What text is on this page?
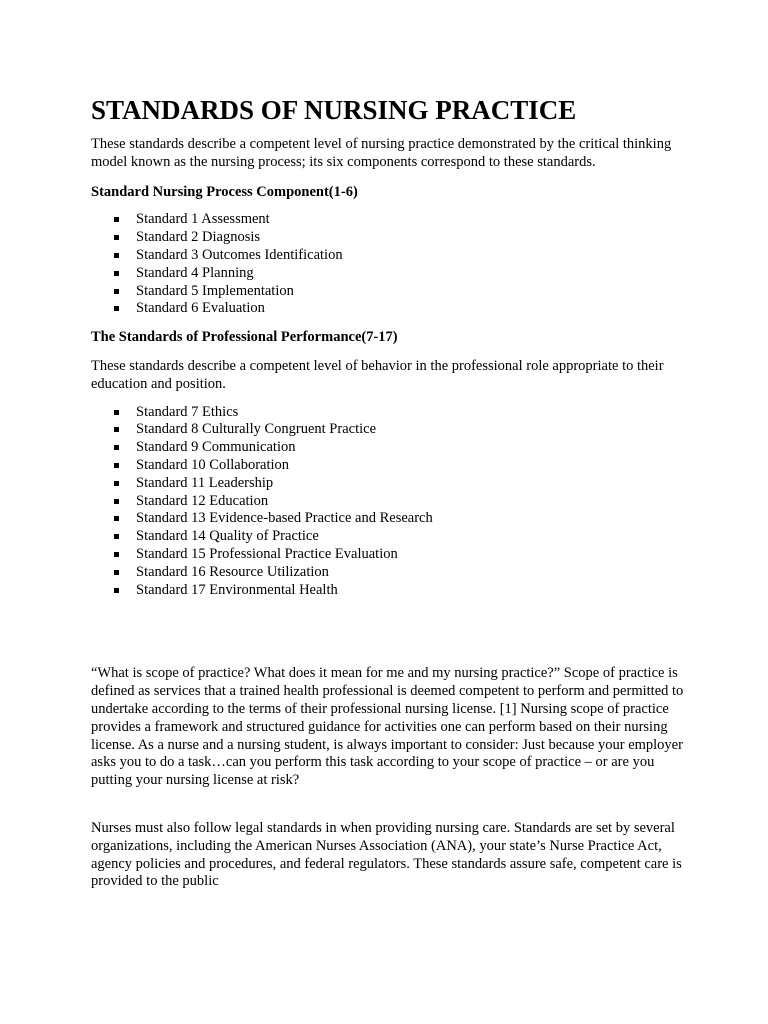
STANDARDS OF NURSING PRACTICE

These standards describe a competent level of nursing practice demonstrated by the critical thinking model known as the nursing process; its six components correspond to these standards.

Standard Nursing Process Component(1-6)

Standard 1 Assessment
Standard 2 Diagnosis
Standard 3 Outcomes Identification
Standard 4 Planning
Standard 5 Implementation
Standard 6 Evaluation

The Standards of Professional Performance(7-17)

These standards describe a competent level of behavior in the professional role appropriate to their education and position.

Standard 7 Ethics
Standard 8 Culturally Congruent Practice
Standard 9 Communication
Standard 10 Collaboration
Standard 11 Leadership
Standard 12 Education
Standard 13 Evidence-based Practice and Research
Standard 14 Quality of Practice
Standard 15 Professional Practice Evaluation
Standard 16 Resource Utilization
Standard 17 Environmental Health

“What is scope of practice? What does it mean for me and my nursing practice?” Scope of practice is defined as services that a trained health professional is deemed competent to perform and permitted to undertake according to the terms of their professional nursing license. [1] Nursing scope of practice provides a framework and structured guidance for activities one can perform based on their nursing license. As a nurse and a nursing student, is always important to consider: Just because your employer asks you to do a task…can you perform this task according to your scope of practice – or are you putting your nursing license at risk?

Nurses must also follow legal standards in when providing nursing care. Standards are set by several organizations, including the American Nurses Association (ANA), your state’s Nurse Practice Act, agency policies and procedures, and federal regulators. These standards assure safe, competent care is provided to the public
